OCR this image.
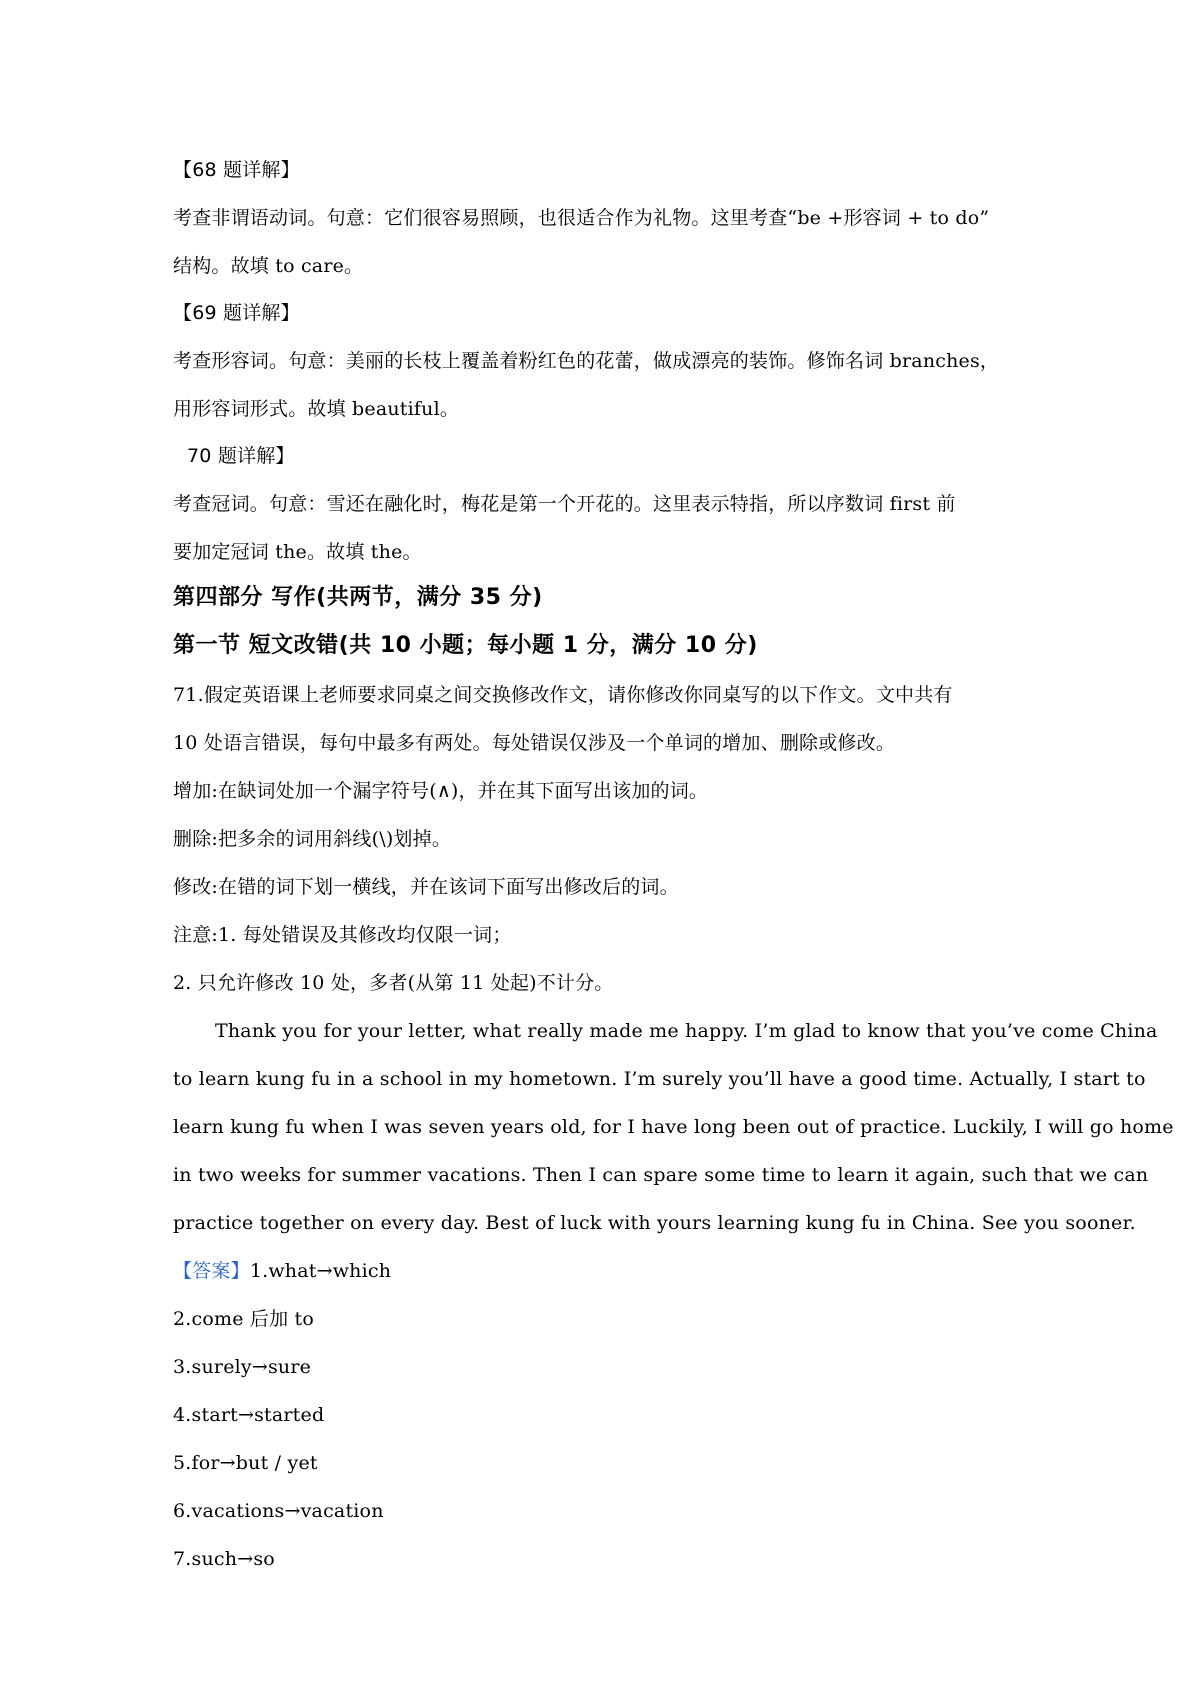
【68 题详解】
考查非谓语动词。句意：它们很容易照顾，也很适合作为礼物。这里考查“be +形容词 + to do”
结构。故填 to care。
【69 题详解】
考查形容词。句意：美丽的长枝上覆盖着粉红色的花蕾，做成漂亮的装饰。修饰名词 branches，
用形容词形式。故填 beautiful。
70 题详解】
考查冠词。句意：雪还在融化时，梅花是第一个开花的。这里表示特指，所以序数词 first 前
要加定冠词 the。故填 the。
第四部分 写作(共两节，满分 35 分)
第一节 短文改错(共 10 小题；每小题 1 分，满分 10 分)
71.假定英语课上老师要求同桌之间交换修改作文，请你修改你同桌写的以下作文。文中共有
10 处语言错误，每句中最多有两处。每处错误仅涉及一个单词的增加、删除或修改。
增加:在缺词处加一个漏字符号(∧)，并在其下面写出该加的词。
删除:把多余的词用斜线(\)划掉。
修改:在错的词下划一横线，并在该词下面写出修改后的词。
注意:1. 每处错误及其修改均仅限一词；
2. 只允许修改 10 处，多者(从第 11 处起)不计分。
Thank you for your letter, what really made me happy. I’m glad to know that you’ve come China
to learn kung fu in a school in my hometown. I’m surely you’ll have a good time. Actually, I start to
learn kung fu when I was seven years old, for I have long been out of practice. Luckily, I will go home
in two weeks for summer vacations. Then I can spare some time to learn it again, such that we can
practice together on every day. Best of luck with yours learning kung fu in China. See you sooner.
【答案】1.what→which
2.come 后加 to
3.surely→sure
4.start→started
5.for→but / yet
6.vacations→vacation
7.such→so
